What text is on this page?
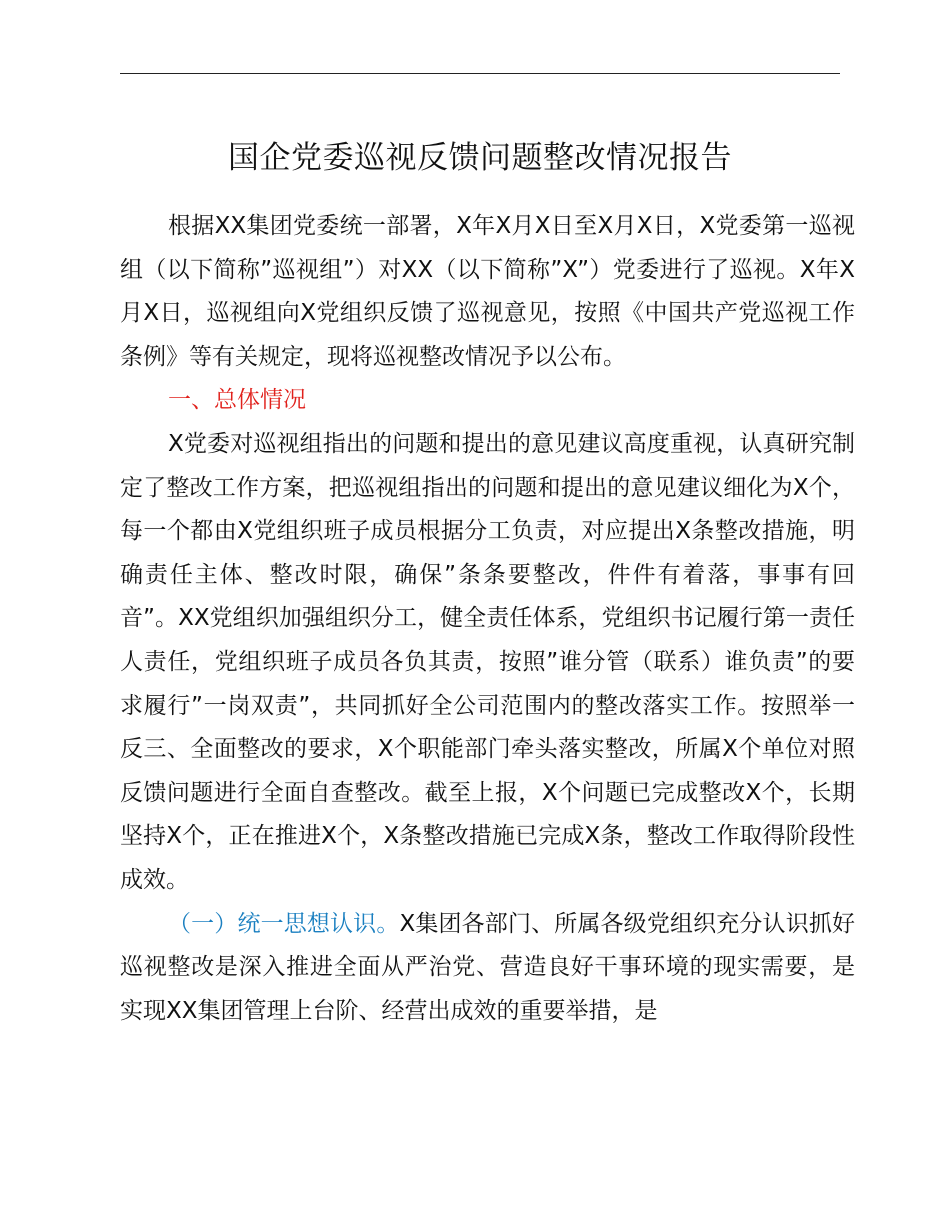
国企党委巡视反馈问题整改情况报告

根据XX集团党委统一部署，X年X月X日至X月X日，X党委第一巡视组（以下简称”巡视组”）对XX（以下简称”X”）党委进行了巡视。X年X月X日，巡视组向X党组织反馈了巡视意见，按照《中国共产党巡视工作条例》等有关规定，现将巡视整改情况予以公布。

一、总体情况

X党委对巡视组指出的问题和提出的意见建议高度重视，认真研究制定了整改工作方案，把巡视组指出的问题和提出的意见建议细化为X个，每一个都由X党组织班子成员根据分工负责，对应提出X条整改措施，明确责任主体、整改时限，确保”条条要整改，件件有着落，事事有回音”。XX党组织加强组织分工，健全责任体系，党组织书记履行第一责任人责任，党组织班子成员各负其责，按照”谁分管（联系）谁负责”的要求履行”一岗双责”，共同抓好全公司范围内的整改落实工作。按照举一反三、全面整改的要求，X个职能部门牵头落实整改，所属X个单位对照反馈问题进行全面自查整改。截至上报，X个问题已完成整改X个，长期坚持X个，正在推进X个，X条整改措施已完成X条，整改工作取得阶段性成效。

（一）统一思想认识。X集团各部门、所属各级党组织充分认识抓好巡视整改是深入推进全面从严治党、营造良好干事环境的现实需要，是实现XX集团管理上台阶、经营出成效的重要举措，是
